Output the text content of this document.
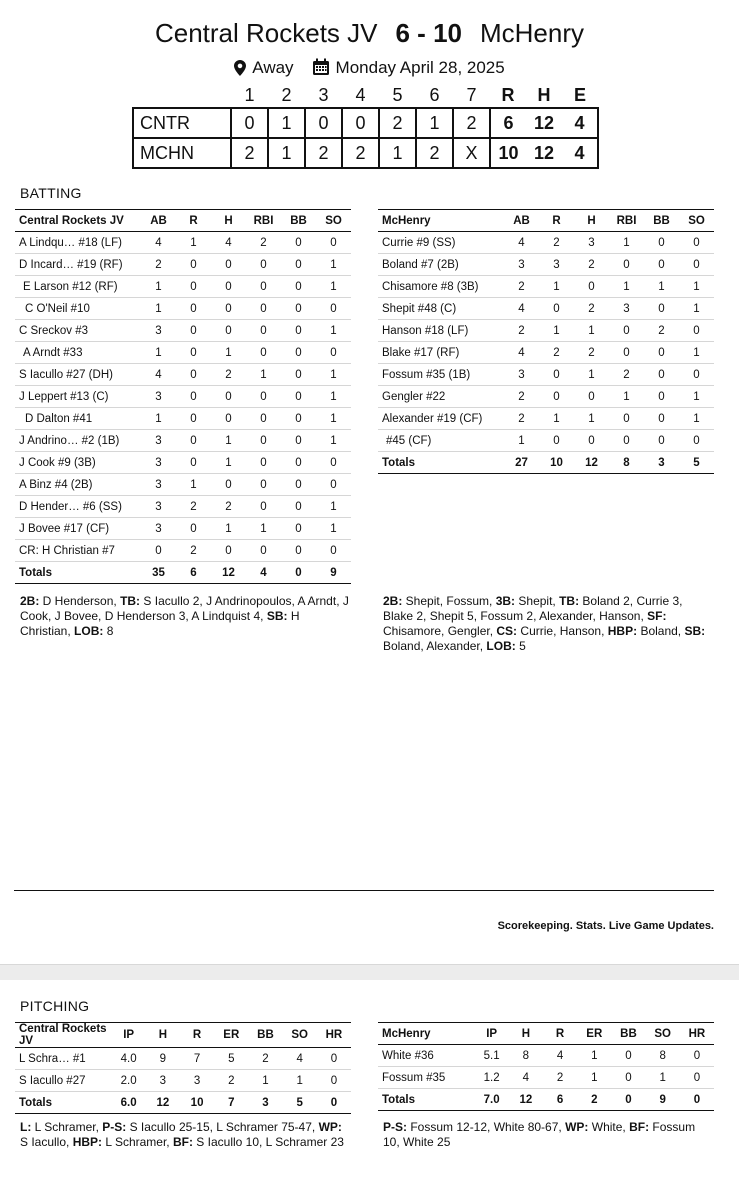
Central Rockets JV 6 - 10 McHenry
Away Monday April 28, 2025
	1	2	3	4	5	6	7	R	H	E
CNTR	0	1	0	0	2	1	2	6	12	4
MCHN	2	1	2	2	1	2	X	10	12	4
BATTING
Central Rockets JV	AB	R	H	RBI	BB	SO
A Lindqu… #18 (LF)	4	1	4	2	0	0
D Incard… #19 (RF)	2	0	0	0	0	1
E Larson #12 (RF)	1	0	0	0	0	1
C O'Neil #10	1	0	0	0	0	0
C Sreckov #3	3	0	0	0	0	1
A Arndt #33	1	0	1	0	0	0
S Iacullo #27 (DH)	4	0	2	1	0	1
J Leppert #13 (C)	3	0	0	0	0	1
D Dalton #41	1	0	0	0	0	1
J Andrino… #2 (1B)	3	0	1	0	0	1
J Cook #9 (3B)	3	0	1	0	0	0
A Binz #4 (2B)	3	1	0	0	0	0
D Hender… #6 (SS)	3	2	2	0	0	1
J Bovee #17 (CF)	3	0	1	1	0	1
CR: H Christian #7	0	2	0	0	0	0
Totals	35	6	12	4	0	9
McHenry	AB	R	H	RBI	BB	SO
Currie #9 (SS)	4	2	3	1	0	0
Boland #7 (2B)	3	3	2	0	0	0
Chisamore #8 (3B)	2	1	0	1	1	1
Shepit #48 (C)	4	0	2	3	0	1
Hanson #18 (LF)	2	1	1	0	2	0
Blake #17 (RF)	4	2	2	0	0	1
Fossum #35 (1B)	3	0	1	2	0	0
Gengler #22	2	0	0	1	0	1
Alexander #19 (CF)	2	1	1	0	0	1
#45 (CF)	1	0	0	0	0	0
Totals	27	10	12	8	3	5
2B: D Henderson, TB: S Iacullo 2, J Andrinopoulos, A Arndt, J Cook, J Bovee, D Henderson 3, A Lindquist 4, SB: H Christian, LOB: 8
2B: Shepit, Fossum, 3B: Shepit, TB: Boland 2, Currie 3, Blake 2, Shepit 5, Fossum 2, Alexander, Hanson, SF: Chisamore, Gengler, CS: Currie, Hanson, HBP: Boland, SB: Boland, Alexander, LOB: 5
Scorekeeping. Stats. Live Game Updates.
PITCHING
Central Rockets JV	IP	H	R	ER	BB	SO	HR
L Schra… #1	4.0	9	7	5	2	4	0
S Iacullo #27	2.0	3	3	2	1	1	0
Totals	6.0	12	10	7	3	5	0
McHenry	IP	H	R	ER	BB	SO	HR
White #36	5.1	8	4	1	0	8	0
Fossum #35	1.2	4	2	1	0	1	0
Totals	7.0	12	6	2	0	9	0
L: L Schramer, P-S: S Iacullo 25-15, L Schramer 75-47, WP: S Iacullo, HBP: L Schramer, BF: S Iacullo 10, L Schramer 23
P-S: Fossum 12-12, White 80-67, WP: White, BF: Fossum 10, White 25
